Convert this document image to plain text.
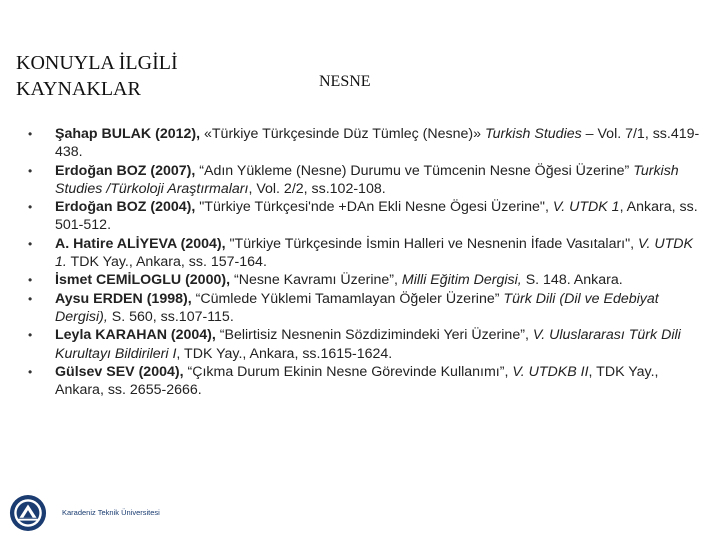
KONUYLA İLGİLİ
KAYNAKLAR	NESNE
• Şahap BULAK (2012), «Türkiye Türkçesinde Düz Tümleç (Nesne)» Turkish Studies – Vol. 7/1, ss.419-438.
• Erdoğan BOZ (2007), “Adın Yükleme (Nesne) Durumu ve Tümcenin Nesne Öğesi Üzerine” Turkish Studies /Türkoloji Araştırmaları, Vol. 2/2, ss.102-108.
• Erdoğan BOZ (2004), "Türkiye Türkçesi'nde +DAn Ekli Nesne Ögesi Üzerine", V. UTDK 1, Ankara, ss. 501-512.
• A. Hatire ALİYEVA (2004), "Türkiye Türkçesinde İsmin Halleri ve Nesnenin İfade Vasıtaları", V. UTDK 1. TDK Yay., Ankara, ss. 157-164.
• İsmet CEMİLOGLU (2000), “Nesne Kavramı Üzerine”, Milli Eğitim Dergisi, S. 148. Ankara.
• Aysu ERDEN (1998), “Cümlede Yüklemi Tamamlayan Öğeler Üzerine” Türk Dili (Dil ve Edebiyat Dergisi), S. 560, ss.107-115.
• Leyla KARAHAN (2004), “Belirtisiz Nesnenin Sözdizimindeki Yeri Üzerine”, V. Uluslararası Türk Dili Kurultayı Bildirileri I, TDK Yay., Ankara, ss.1615-1624.
• Gülsev SEV (2004), “Çıkma Durum Ekinin Nesne Görevinde Kullanımı”, V. UTDKB II, TDK Yay., Ankara, ss. 2655-2666.
Karadeniz Teknik Üniversitesi
